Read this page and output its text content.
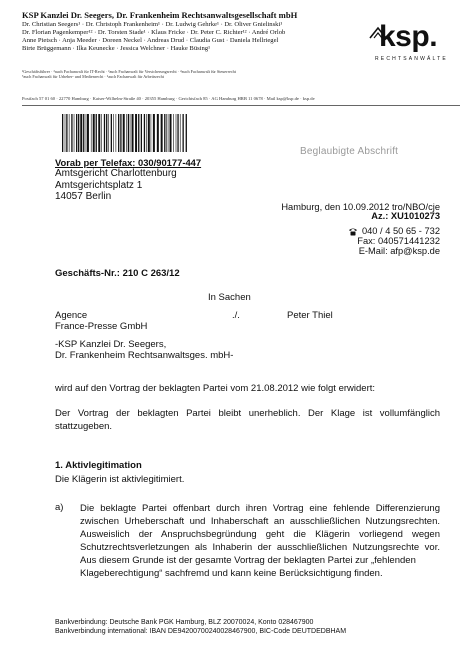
KSP Kanzlei Dr. Seegers, Dr. Frankenheim Rechtsanwaltsgesellschaft mbH
Dr. Christian Seegers¹ · Dr. Christoph Frankenheim¹ · Dr. Ludwig Gehrke¹ · Dr. Oliver Gnielinski¹
Dr. Florian Pagenkemper¹² · Dr. Torsten Stade¹ · Klaus Fricke · Dr. Peter C. Richter¹² · André Orlob
Anne Pietsch · Anja Meeder · Doreen Neckel · Andreas Drud · Claudia Gust · Daniela Hellriegel
Birte Brüggemann · Ilka Keunecke · Jessica Welchner · Hauke Büsing¹
¹Geschäftsführer · ²auch Fachanwalt für IT-Recht · ³auch Fachanwalt für Versicherungsrecht · ⁴auch Fachanwalt für Steuerrecht
⁵auch Fachanwalt für Urheber- und Medienrecht · ⁶auch Fachanwalt für Arbeitsrecht
ksp.
RECHTSANWÄLTE
Postfach 57 01 60 · 22770 Hamburg · Kaiser-Wilhelm-Straße 40 · 20355 Hamburg · Gerichtsfach 85 · AG Hamburg HRB 11 0678 · Mail ksp@ksp.de · ksp.de
Beglaubigte Abschrift
Vorab per Telefax: 030/90177-447
Amtsgericht Charlottenburg
Amtsgerichtsplatz 1
14057 Berlin
Hamburg, den 10.09.2012 tro/NBO/cje
Az.: XU1010273
040 / 4 50 65 - 732
Fax: 040571441232
E-Mail: afp@ksp.de
Geschäfts-Nr.: 210 C 263/12
In Sachen
Agence
France-Presse GmbH
./.	Peter Thiel
-KSP Kanzlei Dr. Seegers,
Dr. Frankenheim Rechtsanwaltsges. mbH-
wird auf den Vortrag der beklagten Partei vom 21.08.2012 wie folgt erwidert:
Der Vortrag der beklagten Partei bleibt unerheblich. Der Klage ist vollumfänglich stattzugeben.
1. Aktivlegitimation
Die Klägerin ist aktivlegitimiert.
a) Die beklagte Partei offenbart durch ihren Vortrag eine fehlende Differenzierung zwischen Urheberschaft und Inhaberschaft an ausschließlichen Nutzungsrechten. Ausweislich der Anspruchsbegründung geht die Klägerin vorliegend wegen Schutzrechtsverletzungen als Inhaberin der ausschließlichen Nutzungsrechte vor. Aus diesem Grunde ist der gesamte Vortrag der beklagten Partei zur „fehlenden
Klageberechtigung“ sachfremd und kann keine Berücksichtigung finden.
Bankverbindung: Deutsche Bank PGK Hamburg, BLZ 20070024, Konto 028467900
Bankverbindung international: IBAN DE94200700240028467900, BIC-Code DEUTDEDBHAM
